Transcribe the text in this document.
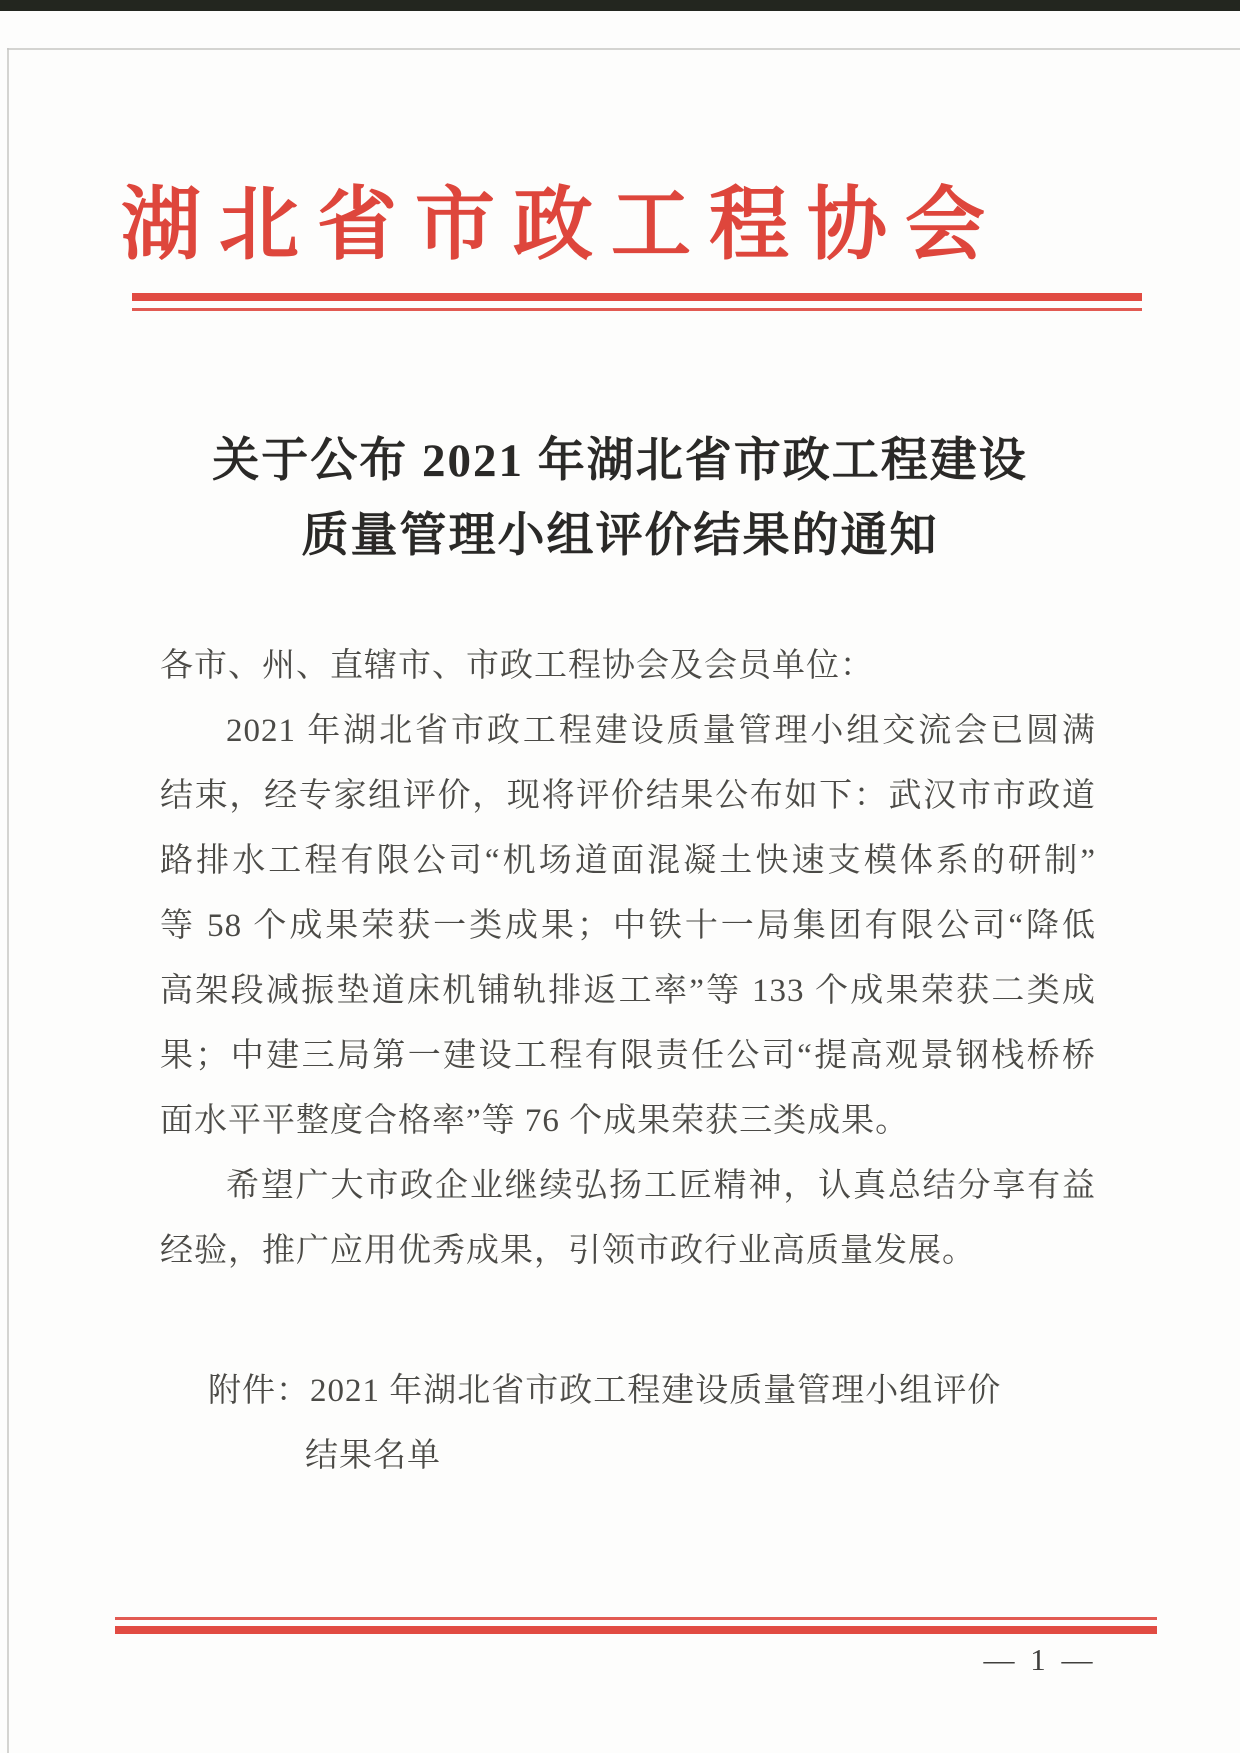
湖北省市政工程协会
关于公布 2021 年湖北省市政工程建设
质量管理小组评价结果的通知
各市、州、直辖市、市政工程协会及会员单位：
2021 年湖北省市政工程建设质量管理小组交流会已圆满
结束，经专家组评价，现将评价结果公布如下：武汉市市政道
路排水工程有限公司“机场道面混凝土快速支模体系的研制”
等 58 个成果荣获一类成果；中铁十一局集团有限公司“降低
高架段减振垫道床机铺轨排返工率”等 133 个成果荣获二类成
果；中建三局第一建设工程有限责任公司“提高观景钢栈桥桥
面水平平整度合格率”等 76 个成果荣获三类成果。
希望广大市政企业继续弘扬工匠精神，认真总结分享有益
经验，推广应用优秀成果，引领市政行业高质量发展。
附件：2021 年湖北省市政工程建设质量管理小组评价
结果名单
— 1 —
